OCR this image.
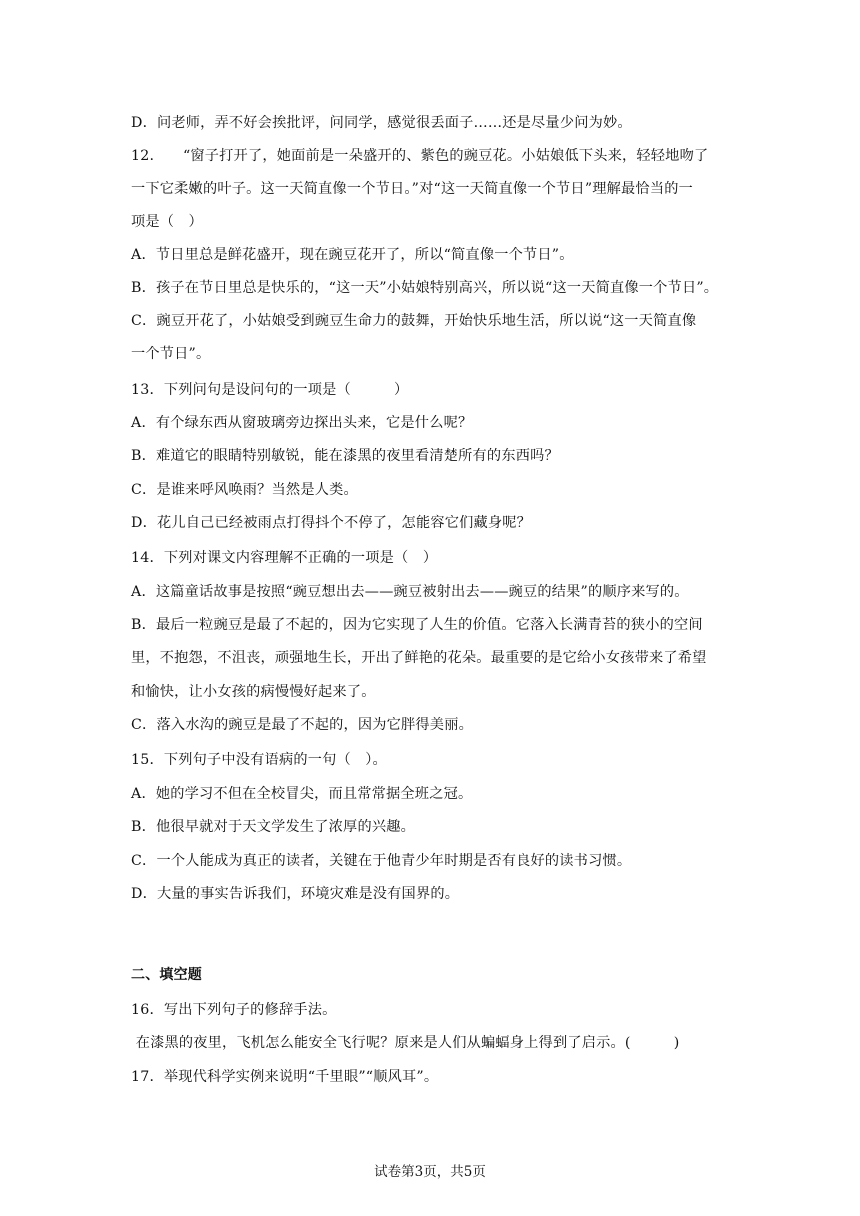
D．问老师，弄不好会挨批评，问同学，感觉很丢面子……还是尽量少问为妙。
12.　　“窗子打开了，她面前是一朵盛开的、紫色的豌豆花。小姑娘低下头来，轻轻地吻了
一下它柔嫩的叶子。这一天简直像一个节日。”对“这一天简直像一个节日”理解最恰当的一
项是（　）
A．节日里总是鲜花盛开，现在豌豆花开了，所以“简直像一个节日”。
B．孩子在节日里总是快乐的，“这一天”小姑娘特别高兴，所以说“这一天简直像一个节日”。
C．豌豆开花了，小姑娘受到豌豆生命力的鼓舞，开始快乐地生活，所以说“这一天简直像
一个节日”。
13．下列问句是设问句的一项是（　　　）
A．有个绿东西从窗玻璃旁边探出头来，它是什么呢？
B．难道它的眼睛特别敏锐，能在漆黑的夜里看清楚所有的东西吗？
C．是谁来呼风唤雨？当然是人类。
D．花儿自己已经被雨点打得抖个不停了，怎能容它们藏身呢？
14．下列对课文内容理解不正确的一项是（　）
A．这篇童话故事是按照“豌豆想出去——豌豆被射出去——豌豆的结果”的顺序来写的。
B．最后一粒豌豆是最了不起的，因为它实现了人生的价值。它落入长满青苔的狭小的空间
里，不抱怨，不沮丧，顽强地生长，开出了鲜艳的花朵。最重要的是它给小女孩带来了希望
和愉快，让小女孩的病慢慢好起来了。
C．落入水沟的豌豆是最了不起的，因为它胖得美丽。
15．下列句子中没有语病的一句（　）。
A．她的学习不但在全校冒尖，而且常常据全班之冠。
B．他很早就对于天文学发生了浓厚的兴趣。
C．一个人能成为真正的读者，关键在于他青少年时期是否有良好的读书习惯。
D．大量的事实告诉我们，环境灾难是没有国界的。
二、填空题
16．写出下列句子的修辞手法。
在漆黑的夜里，飞机怎么能安全飞行呢？原来是人们从蝙蝠身上得到了启示。(　　　)
17．举现代科学实例来说明“千里眼”“顺风耳”。
试卷第3页，共5页
